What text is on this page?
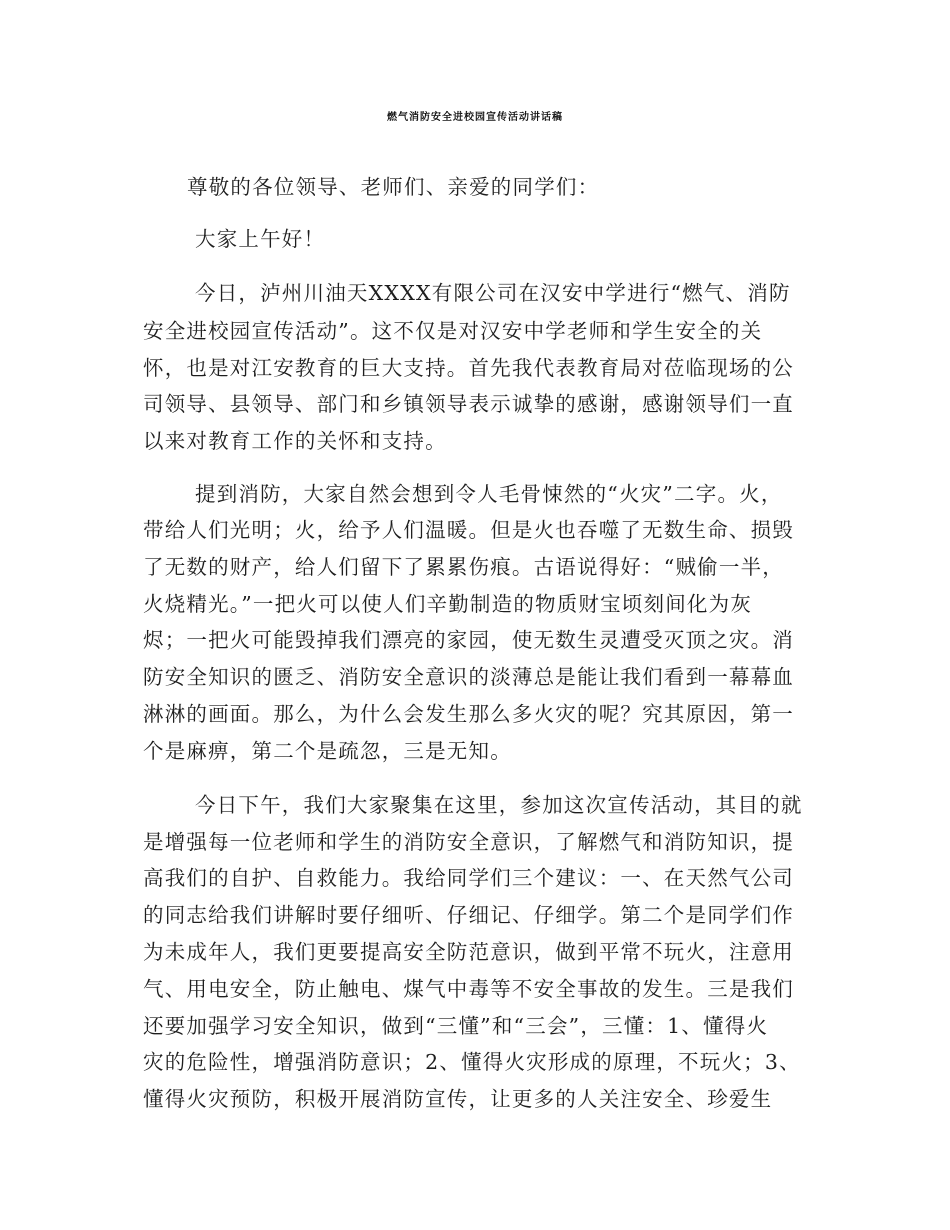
燃气消防安全进校园宣传活动讲话稿
尊敬的各位领导、老师们、亲爱的同学们：
大家上午好！
今日，泸州川油天XXXX有限公司在汉安中学进行“燃气、消防
安全进校园宣传活动”。这不仅是对汉安中学老师和学生安全的关
怀，也是对江安教育的巨大支持。首先我代表教育局对莅临现场的公
司领导、县领导、部门和乡镇领导表示诚挚的感谢，感谢领导们一直
以来对教育工作的关怀和支持。
提到消防，大家自然会想到令人毛骨悚然的“火灾”二字。火，
带给人们光明；火，给予人们温暖。但是火也吞噬了无数生命、损毁
了无数的财产，给人们留下了累累伤痕。古语说得好：“贼偷一半，
火烧精光。”一把火可以使人们辛勤制造的物质财宝顷刻间化为灰
烬；一把火可能毁掉我们漂亮的家园，使无数生灵遭受灭顶之灾。消
防安全知识的匮乏、消防安全意识的淡薄总是能让我们看到一幕幕血
淋淋的画面。那么，为什么会发生那么多火灾的呢？究其原因，第一
个是麻痹，第二个是疏忽，三是无知。
今日下午，我们大家聚集在这里，参加这次宣传活动，其目的就
是增强每一位老师和学生的消防安全意识，了解燃气和消防知识，提
高我们的自护、自救能力。我给同学们三个建议：一、在天然气公司
的同志给我们讲解时要仔细听、仔细记、仔细学。第二个是同学们作
为未成年人，我们更要提高安全防范意识，做到平常不玩火，注意用
气、用电安全，防止触电、煤气中毒等不安全事故的发生。三是我们
还要加强学习安全知识，做到“三懂”和“三会”，三懂：1、懂得火
灾的危险性，增强消防意识；2、懂得火灾形成的原理，不玩火；3、
懂得火灾预防，积极开展消防宣传，让更多的人关注安全、珍爱生
